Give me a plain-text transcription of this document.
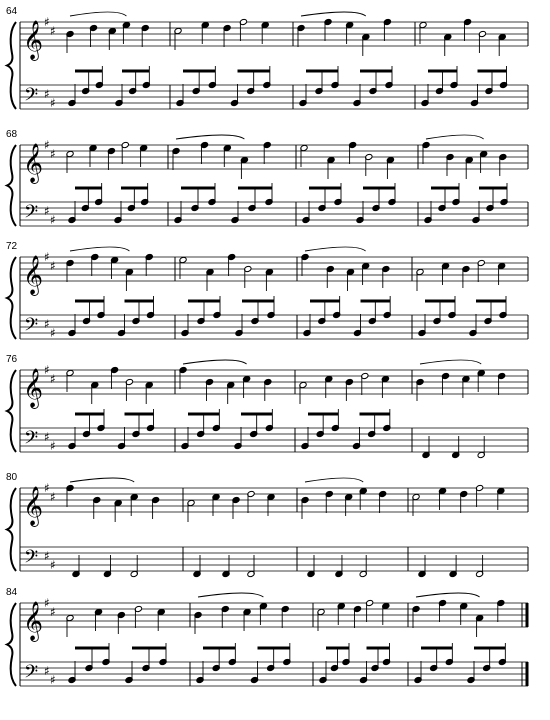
64
𝄞
𝄢
♯
♯
♯
♯
68
𝄞
𝄢
♯
♯
♯
♯
72
𝄞
𝄢
♯
♯
♯
♯
76
𝄞
𝄢
♯
♯
♯
♯
80
𝄞
𝄢
♯
♯
♯
♯
84
𝄞
𝄢
♯
♯
♯
♯
